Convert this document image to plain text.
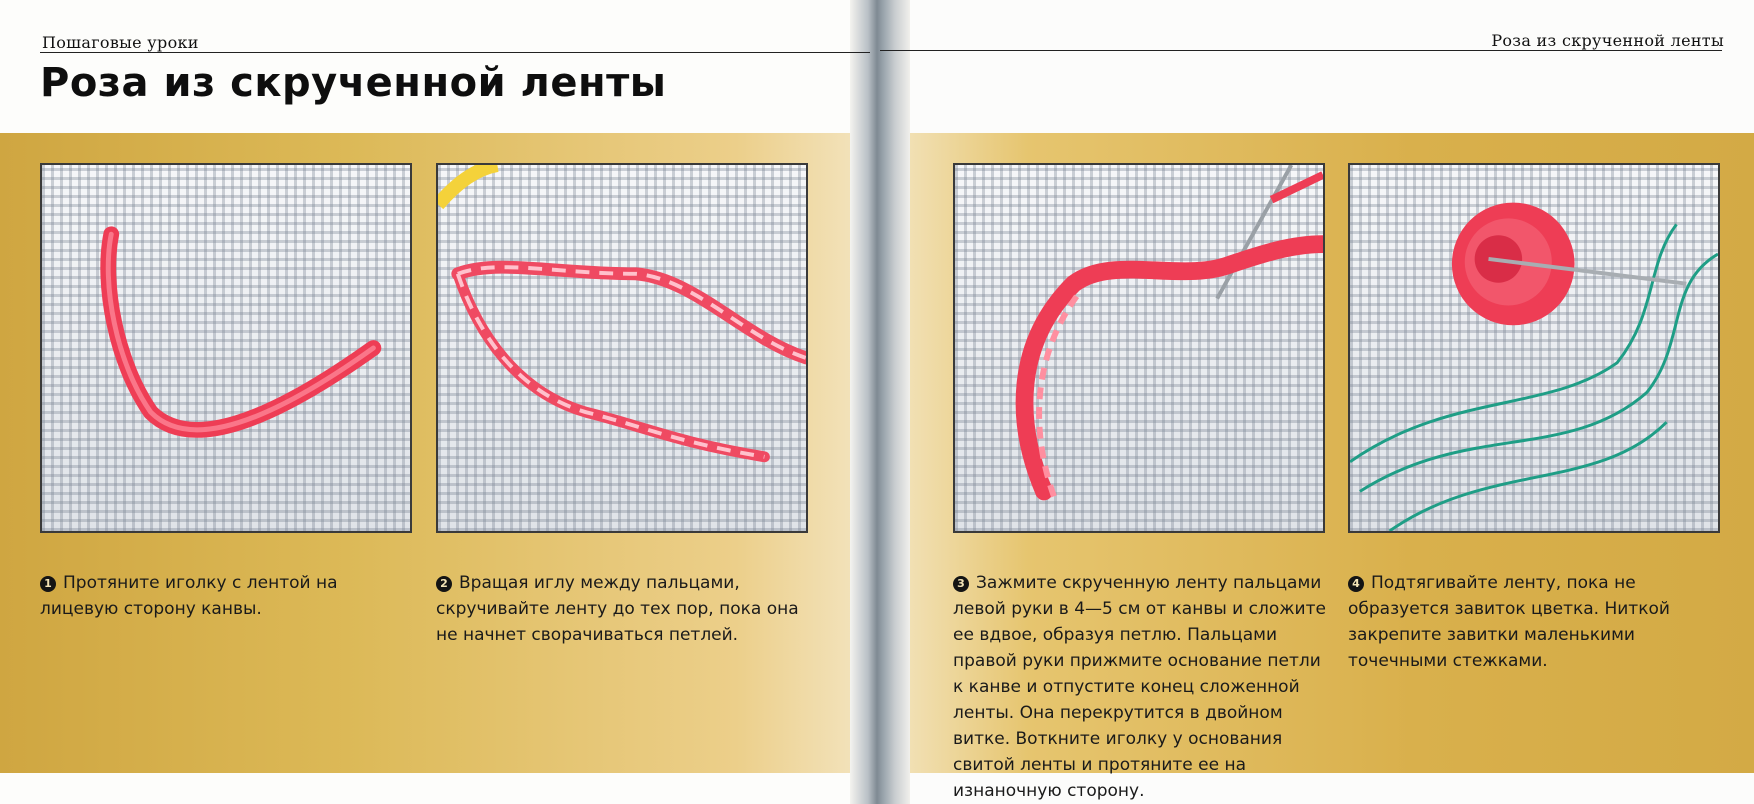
Пошаговые уроки	Роза из скрученной ленты
Роза из скрученной ленты
1 Протяните иголку с лентой на лицевую сторону канвы.
2 Вращая иглу между пальцами, скручивайте ленту до тех пор, пока она не начнет сворачиваться петлей.
3 Зажмите скрученную ленту пальцами левой руки в 4—5 см от канвы и сложите ее вдвое, образуя петлю. Пальцами правой руки прижмите основание петли к канве и отпустите конец сложенной ленты. Она перекрутится в двойном витке. Воткните иголку у основания свитой ленты и протяните ее на изнаночную сторону.
4 Подтягивайте ленту, пока не образуется завиток цветка. Ниткой закрепите завитки маленькими точечными стежками.
